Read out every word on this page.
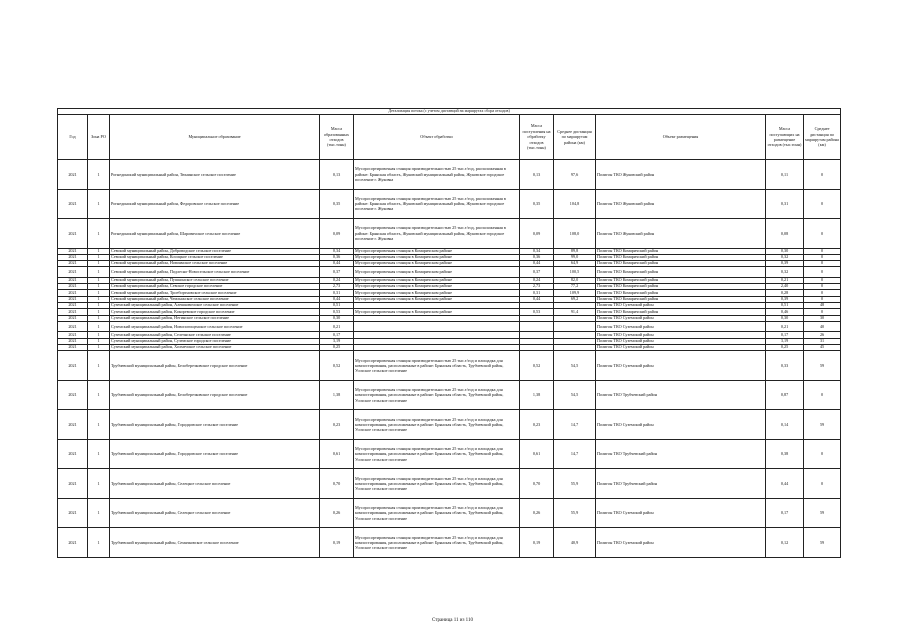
Детализация потока (с учетом дистанций на маршрутах сбора отходов)									
Год	Зона РО	Муниципальное образование	Масса образованных отходов (тыс.тонн)	Объект обработки	Масса поступления на обработку отходов (тыс.тонн)	Среднее дистанция по маршрутам района (км)	Объект размещения	Масса поступающих на размещение отходов (тыс.тонн)	Среднее дистанция по маршрутам района (км)
2021	1	Рогнединский муниципальный район, Тюнинское сельское поселение	0,13	Мусоросортировочная станция производительностью 25 тыс.т/год, расположенная в районе: Брянская область, Жуковский муниципальный район, Жуковское городское поселение г. Жуковка	0,13	97,6	Полигон ТКО Жуковский район	0,11	0
2021	1	Рогнединский муниципальный район, Федоровское сельское поселение	0,35	Мусоросортировочная станция производительностью 25 тыс.т/год, расположенная в районе: Брянская область, Жуковский муниципальный район, Жуковское городское поселение г. Жуковка	0,35	104,8	Полигон ТКО Жуковский район	0,31	0
2021	1	Рогнединский муниципальный район, Шаровичское сельское поселение	0,09	Мусоросортировочная станция производительностью 25 тыс.т/год, расположенная в районе: Брянская область, Жуковский муниципальный район, Жуковское городское поселение г. Жуковка	0,09	108,0	Полигон ТКО Жуковский район	0,08	0
2021	1	Севский муниципальный район, Доброводское сельское поселение	0,34	Мусоросортировочная станция в Комаричском районе	0,34	89,8	Полигон ТКО Комаричский район	0,30	0
2021	1	Севский муниципальный район, Косицкое сельское поселение	0,36	Мусоросортировочная станция в Комаричском районе	0,36	99,0	Полигон ТКО Комаричский район	0,32	0
2021	1	Севский муниципальный район, Новоямское сельское поселение	0,44	Мусоросортировочная станция в Комаричском районе	0,44	64,9	Полигон ТКО Комаричский район	0,39	0
2021	1	Севский муниципальный район, Подлесно-Новосельское сельское поселение	0,37	Мусоросортировочная станция в Комаричском районе	0,37	100,5	Полигон ТКО Комаричский район	0,32	0
2021	1	Севский муниципальный район, Пушкинское сельское поселение	0,24	Мусоросортировочная станция в Комаричском районе	0,24	82,0	Полигон ТКО Комаричский район	0,21	0
2021	1	Севский муниципальный район, Севское городское поселение	2,73	Мусоросортировочная станция в Комаричском районе	2,73	77,2	Полигон ТКО Комаричский район	2,40	0
2021	1	Севский муниципальный район, Троебортновское сельское поселение	0,31	Мусоросортировочная станция в Комаричском районе	0,31	109,9	Полигон ТКО Комаричский район	0,28	0
2021	1	Севский муниципальный район, Чемлыжское сельское поселение	0,44	Мусоросортировочная станция в Комаричском районе	0,44	69,2	Полигон ТКО Комаричский район	0,39	0
2021	1	Суземский муниципальный район, Алешковичское сельское поселение	0,51				Полигон ТКО Суземский район	0,51	48
2021	1	Суземский муниципальный район, Кокоревское городское поселение	0,53	Мусоросортировочная станция в Комаричском районе	0,53	91,4	Полигон ТКО Комаричский район	0,46	0
2021	1	Суземский муниципальный район, Негинское сельское поселение	0,30				Полигон ТКО Суземский район	0,30	30
2021	1	Суземский муниципальный район, Новопогощенское сельское поселение	0,21				Полигон ТКО Суземский район	0,21	40
2021	1	Суземский муниципальный район, Селечнское сельское поселение	0,17				Полигон ТКО Суземский район	0,17	26
2021	1	Суземский муниципальный район, Суземское городское поселение	3,19				Полигон ТКО Суземский район	3,19	31
2021	1	Суземский муниципальный район, Холмечское сельское поселение	0,25				Полигон ТКО Суземский район	0,25	45
2021	1	Трубчевский муниципальный район, Белоберезковское городское поселение	0,52	Мусоросортировочная станция производительностью 25 тыс.т/год и площадка для компостирования, расположенные в районе: Брянская область, Трубчевский район, Усохское сельское поселение	0,52	54,5	Полигон ТКО Суземский район	0,33	59
2021	1	Трубчевский муниципальный район, Белоберезковское городское поселение	1,38	Мусоросортировочная станция производительностью 25 тыс.т/год и площадка для компостирования, расположенные в районе: Брянская область, Трубчевский район, Усохское сельское поселение	1,38	54,5	Полигон ТКО Трубчевский район	0,87	0
2021	1	Трубчевский муниципальный район, Городцовское сельское поселение	0,23	Мусоросортировочная станция производительностью 25 тыс.т/год и площадка для компостирования, расположенные в районе: Брянская область, Трубчевский район, Усохское сельское поселение	0,23	14,7	Полигон ТКО Суземский район	0,14	59
2021	1	Трубчевский муниципальный район, Городцовское сельское поселение	0,61	Мусоросортировочная станция производительностью 25 тыс.т/год и площадка для компостирования, расположенные в районе: Брянская область, Трубчевский район, Усохское сельское поселение	0,61	14,7	Полигон ТКО Трубчевский район	0,38	0
2021	1	Трубчевский муниципальный район, Селецкое сельское поселение	0,70	Мусоросортировочная станция производительностью 25 тыс.т/год и площадка для компостирования, расположенные в районе: Брянская область, Трубчевский район, Усохское сельское поселение	0,70	55,9	Полигон ТКО Трубчевский район	0,44	0
2021	1	Трубчевский муниципальный район, Селецкое сельское поселение	0,26	Мусоросортировочная станция производительностью 25 тыс.т/год и площадка для компостирования, расположенные в районе: Брянская область, Трубчевский район, Усохское сельское поселение	0,26	55,9	Полигон ТКО Суземский район	0,17	59
2021	1	Трубчевский муниципальный район, Семячковское сельское поселение	0,19	Мусоросортировочная станция производительностью 25 тыс.т/год и площадка для компостирования, расположенные в районе: Брянская область, Трубчевский район, Усохское сельское поселение	0,19	40,9	Полигон ТКО Суземский район	0,12	59
Страница 11 из 110
